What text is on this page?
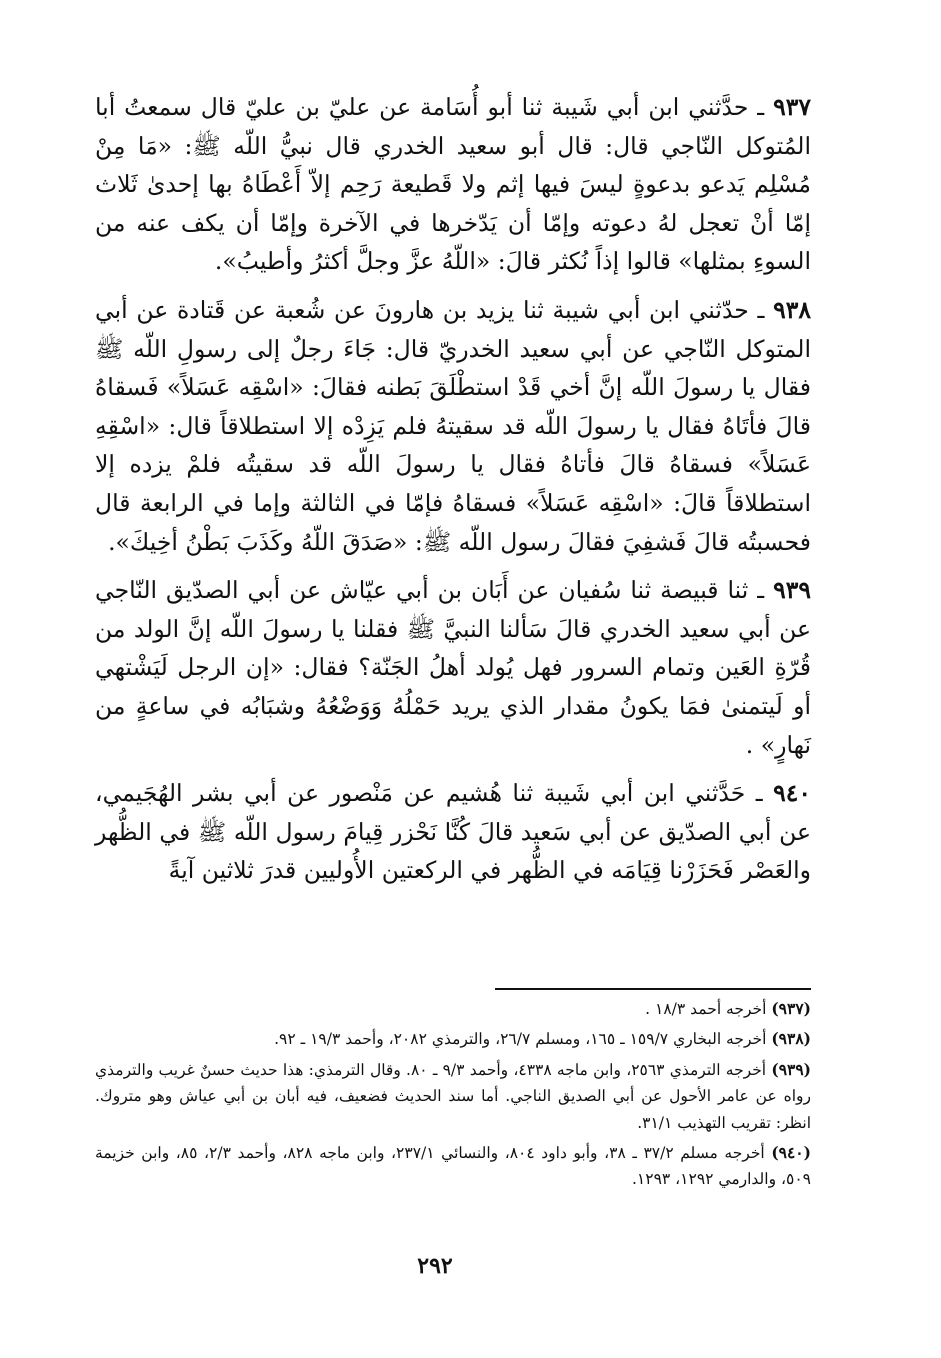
٩٣٧ ـ حدَّثني ابن أبي شَيبة ثنا أبو أُسَامة عن عليّ بن عليّ قال سمعتُ أبا المُتوكل النّاجي قال: قال أبو سعيد الخدري قال نبيُّ اللّه ﷺ: «مَا مِنْ مُسْلِم يَدعو بدعوةٍ ليسَ فيها إثم ولا قَطيعة رَحِم إلاّ أَعْطَاهُ بها إحدىٰ ثَلاث إمّا أنْ تعجل لهُ دعوته وإمّا أن يَدّخرها في الآخرة وإمّا أن يكف عنه من السوءِ بمثلها» قالوا إذاً نُكثر قالَ: «اللّهُ عزَّ وجلَّ أكثرُ وأطيبُ».

٩٣٨ ـ حدّثني ابن أبي شيبة ثنا يزيد بن هارونَ عن شُعبة عن قَتادة عن أبي المتوكل النّاجي عن أبي سعيد الخدريّ قال: جَاءَ رجلٌ إلى رسولِ اللّه ﷺ فقال يا رسولَ اللّه إنَّ أخي قَدْ استطْلَقَ بَطنه فقالَ: «اسْقِه عَسَلاً» فَسقاهُ قالَ فأتَاهُ فقال يا رسولَ اللّه قد سقيتهُ فلم يَزِدْه إلا استطلاقاً قال: «اسْقِهِ عَسَلاً» فسقاهُ قالَ فأتاهُ فقال يا رسولَ اللّه قد سقيتُه فلمْ يزده إلا استطلاقاً قالَ: «اسْقِه عَسَلاً» فسقاهُ فإمّا في الثالثة وإما في الرابعة قال فحسبتُه قالَ فَشفِيَ فقالَ رسول اللّه ﷺ: «صَدَقَ اللّهُ وكَذَبَ بَطْنُ أخِيكَ».

٩٣٩ ـ ثنا قبيصة ثنا سُفيان عن أَبَان بن أبي عيّاش عن أبي الصدّيق النّاجي عن أبي سعيد الخدري قالَ سَألنا النبيَّ ﷺ فقلنا يا رسولَ اللّه إنَّ الولد من قُرّةِ العَين وتمام السرور فهل يُولد أهلُ الجَنّة؟ فقال: «إن الرجل لَيَشْتهي أو لَيتمنىٰ فمَا يكونُ مقدار الذي يريد حَمْلُهُ وَوَضْعُهُ وشبَابُه في ساعةٍ من نَهارٍ» .

٩٤٠ ـ حَدَّثني ابن أبي شَيبة ثنا هُشيم عن مَنْصور عن أبي بشر الهُجَيمي، عن أبي الصدّيق عن أبي سَعيد قالَ كُنَّا نَحْزر قِيامَ رسول اللّه ﷺ في الظُّهر والعَصْر فَحَزَرْنا قِيَامَه في الظُّهر في الركعتين الأُوليين قدرَ ثلاثين آيةً

(٩٣٧) أخرجه أحمد ١٨/٣ .

(٩٣٨) أخرجه البخاري ١٥٩/٧ ـ ١٦٥، ومسلم ٢٦/٧، والترمذي ٢٠٨٢، وأحمد ١٩/٣ ـ ٩٢.

(٩٣٩) أخرجه الترمذي ٢٥٦٣، وابن ماجه ٤٣٣٨، وأحمد ٩/٣ ـ ٨٠. وقال الترمذي: هذا حديث حسنٌ غريب والترمذي رواه عن عامر الأحول عن أبي الصديق الناجي. أما سند الحديث فضعيف، فيه أبان بن أبي عياش وهو متروك. انظر: تقريب التهذيب ٣١/١.

(٩٤٠) أخرجه مسلم ٣٧/٢ ـ ٣٨، وأبو داود ٨٠٤، والنسائي ٢٣٧/١، وابن ماجه ٨٢٨، وأحمد ٢/٣، ٨٥، وابن خزيمة ٥٠٩، والدارمي ١٢٩٢، ١٢٩٣.

٢٩٢
